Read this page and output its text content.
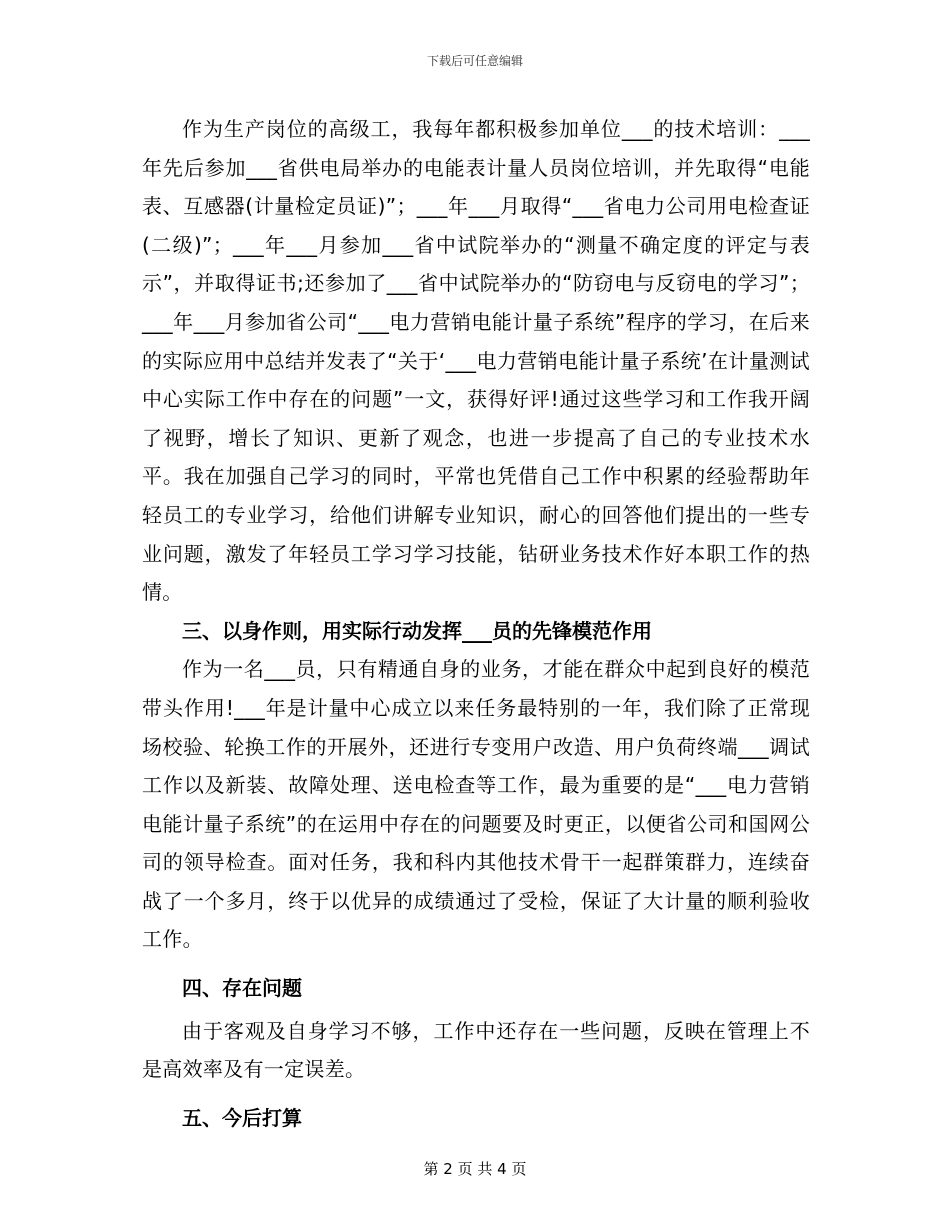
下载后可任意编辑

作为生产岗位的高级工，我每年都积极参加单位___的技术培训：___年先后参加___省供电局举办的电能表计量人员岗位培训，并先取得“电能表、互感器(计量检定员证)”；___年___月取得“___省电力公司用电检查证(二级)”；___年___月参加___省中试院举办的“测量不确定度的评定与表示”，并取得证书;还参加了___省中试院举办的“防窃电与反窃电的学习”；___年___月参加省公司“___电力营销电能计量子系统”程序的学习，在后来的实际应用中总结并发表了“关于‘___电力营销电能计量子系统’在计量测试中心实际工作中存在的问题”一文，获得好评!通过这些学习和工作我开阔了视野，增长了知识、更新了观念，也进一步提高了自己的专业技术水平。我在加强自己学习的同时，平常也凭借自己工作中积累的经验帮助年轻员工的专业学习，给他们讲解专业知识，耐心的回答他们提出的一些专业问题，激发了年轻员工学习学习技能，钻研业务技术作好本职工作的热情。

三、以身作则，用实际行动发挥___员的先锋模范作用

作为一名___员，只有精通自身的业务，才能在群众中起到良好的模范带头作用!___年是计量中心成立以来任务最特别的一年，我们除了正常现场校验、轮换工作的开展外，还进行专变用户改造、用户负荷终端___调试工作以及新装、故障处理、送电检查等工作，最为重要的是“___电力营销电能计量子系统”的在运用中存在的问题要及时更正，以便省公司和国网公司的领导检查。面对任务，我和科内其他技术骨干一起群策群力，连续奋战了一个多月，终于以优异的成绩通过了受检，保证了大计量的顺利验收工作。

四、存在问题

由于客观及自身学习不够，工作中还存在一些问题，反映在管理上不是高效率及有一定误差。

五、今后打算

第 2 页 共 4 页
